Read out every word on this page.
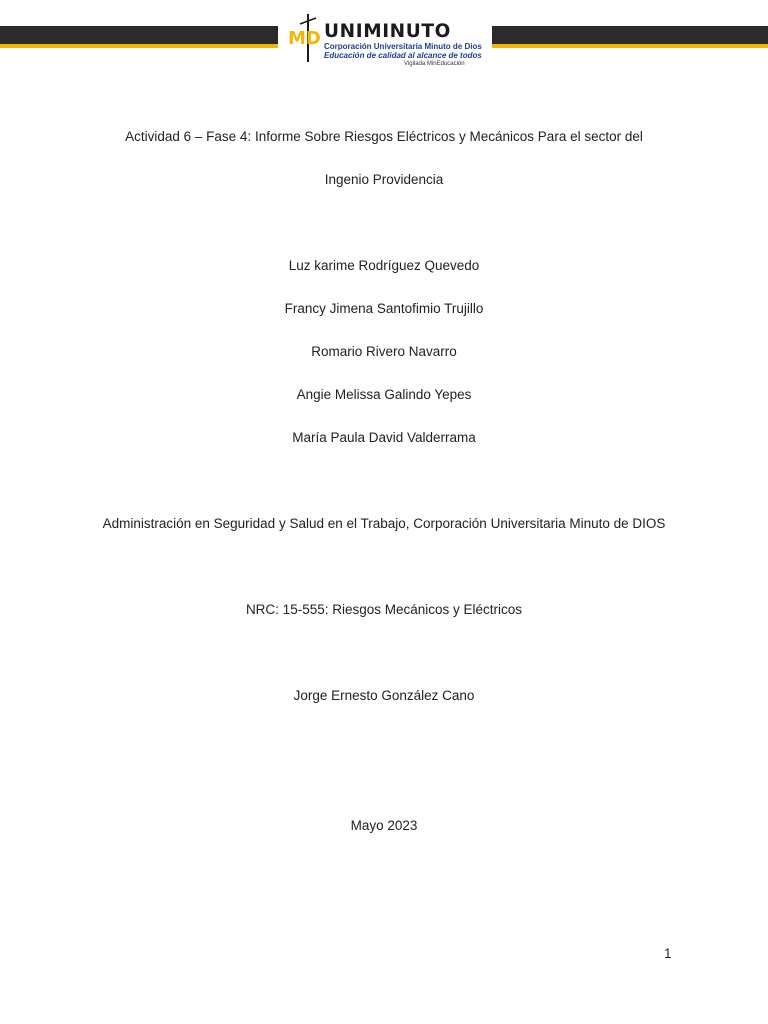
MD UNIMINUTO
Corporación Universitaria Minuto de Dios
Educación de calidad al alcance de todos
Vigilada MinEducación
Actividad 6 – Fase 4: Informe Sobre Riesgos Eléctricos y Mecánicos Para el sector del
Ingenio Providencia
Luz karime Rodríguez Quevedo
Francy Jimena Santofimio Trujillo
Romario Rivero Navarro
Angie Melissa Galindo Yepes
María Paula David Valderrama
Administración en Seguridad y Salud en el Trabajo, Corporación Universitaria Minuto de DIOS
NRC: 15-555: Riesgos Mecánicos y Eléctricos
Jorge Ernesto González Cano
Mayo 2023
1
